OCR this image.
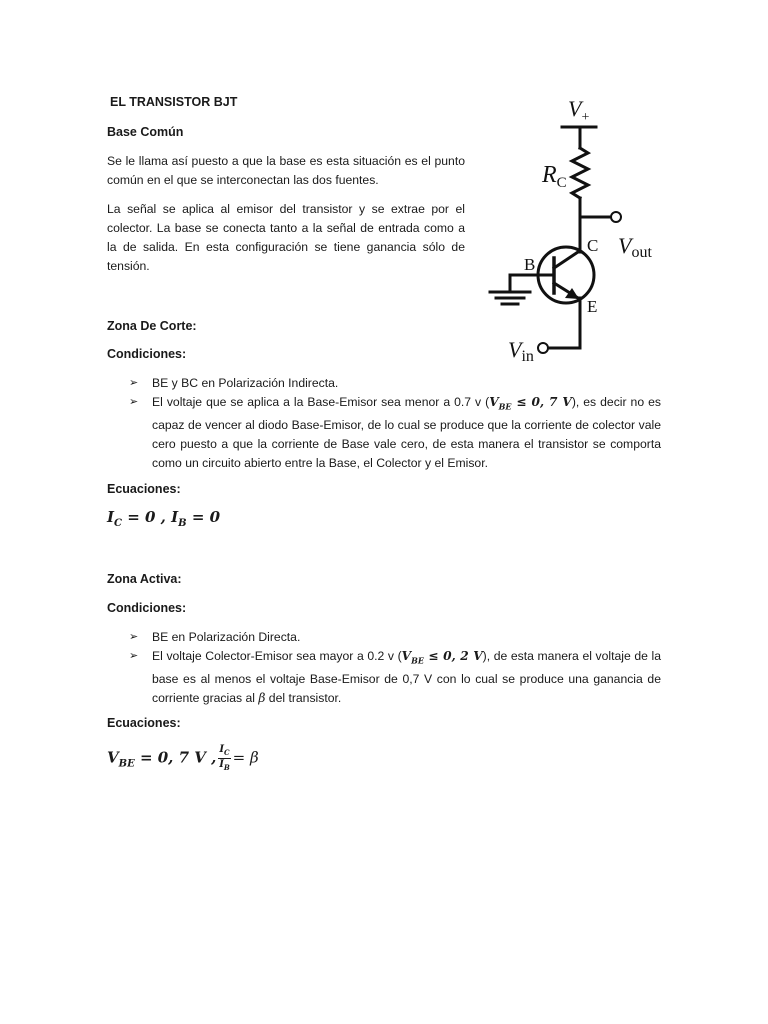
EL TRANSISTOR BJT
Base Común
Se le llama así puesto a que la base es esta situación es el punto común en el que se interconectan las dos fuentes.
La señal se aplica al emisor del transistor y se extrae por el colector. La base se conecta tanto a la señal de entrada como a la de salida. En esta configuración se tiene ganancia sólo de tensión.
$V_+$
$R_C$
C Vout
B
E
Vin
Zona De Corte:
Condiciones:
➢ BE y BC en Polarización Indirecta.
➢ El voltaje que se aplica a la Base-Emisor sea menor a 0.7 v ($V_{BE} \le 0$, 7 V), es decir no es capaz de vencer al diodo Base-Emisor, de lo cual se produce que la corriente de colector vale cero puesto a que la corriente de Base vale cero, de esta manera el transistor se comporta como un circuito abierto entre la Base, el Colector y el Emisor.
Ecuaciones:
$I_C = 0$ , $I_B = 0$
Zona Activa:
Condiciones:
➢ BE en Polarización Directa.
➢ El voltaje Colector-Emisor sea mayor a 0.2 v ($V_{BE} \le 0$, 2 V), de esta manera el voltaje de la base es al menos el voltaje Base-Emisor de 0,7 V con lo cual se produce una ganancia de corriente gracias al β del transistor.
Ecuaciones:
$V_{BE} = 0$, 7 V , $\frac{I_C}{I_B} = \beta$
